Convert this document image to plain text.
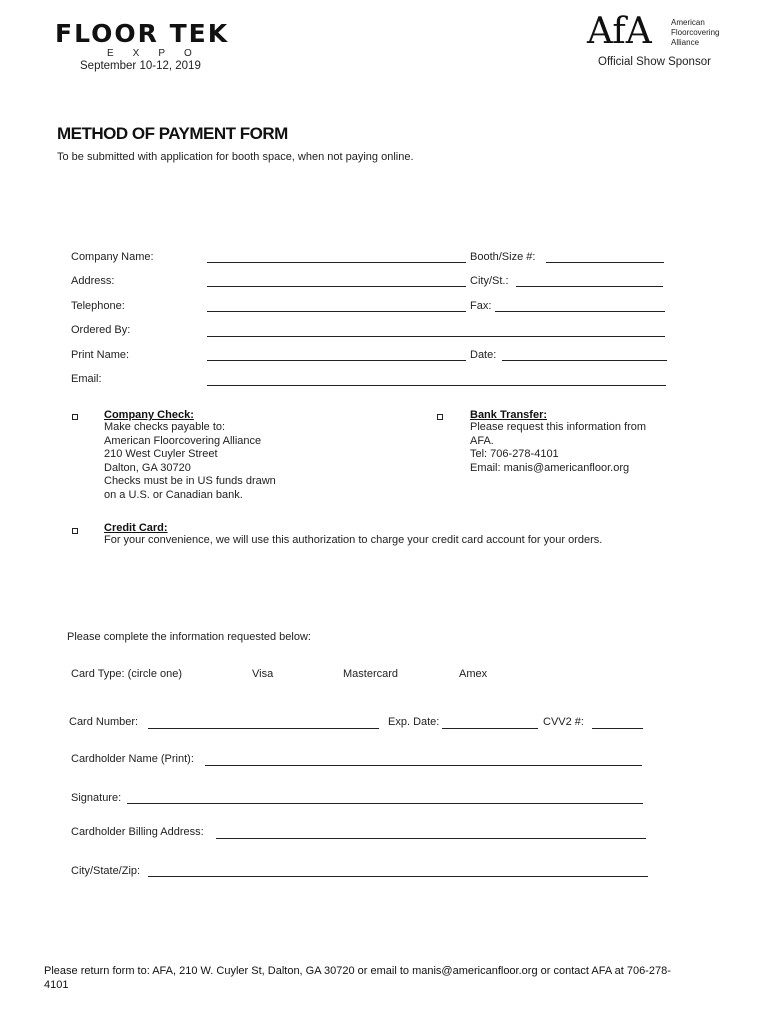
FLOOR TEK
EXPO
September 10-12, 2019
AfA American
Floorcovering
Alliance
Official Show Sponsor
METHOD OF PAYMENT FORM
To be submitted with application for booth space, when not paying online.
Company Name:	Booth/Size #:
Address:	City/St.:
Telephone:	Fax:
Ordered By:
Print Name:	Date:
Email:
Company Check:
Make checks payable to:
American Floorcovering Alliance
210 West Cuyler Street
Dalton, GA 30720
Checks must be in US funds drawn
on a U.S. or Canadian bank.
Bank Transfer:
Please request this information from
AFA.
Tel: 706-278-4101
Email: manis@americanfloor.org
Credit Card:
For your convenience, we will use this authorization to charge your credit card account for your orders.
Please complete the information requested below:
Card Type: (circle one)	Visa	Mastercard	Amex
Card Number:	Exp. Date:	CVV2 #:
Cardholder Name (Print):
Signature:
Cardholder Billing Address:
City/State/Zip:
Please return form to: AFA, 210 W. Cuyler St, Dalton, GA 30720 or email to manis@americanfloor.org or contact AFA at 706-278-4101
